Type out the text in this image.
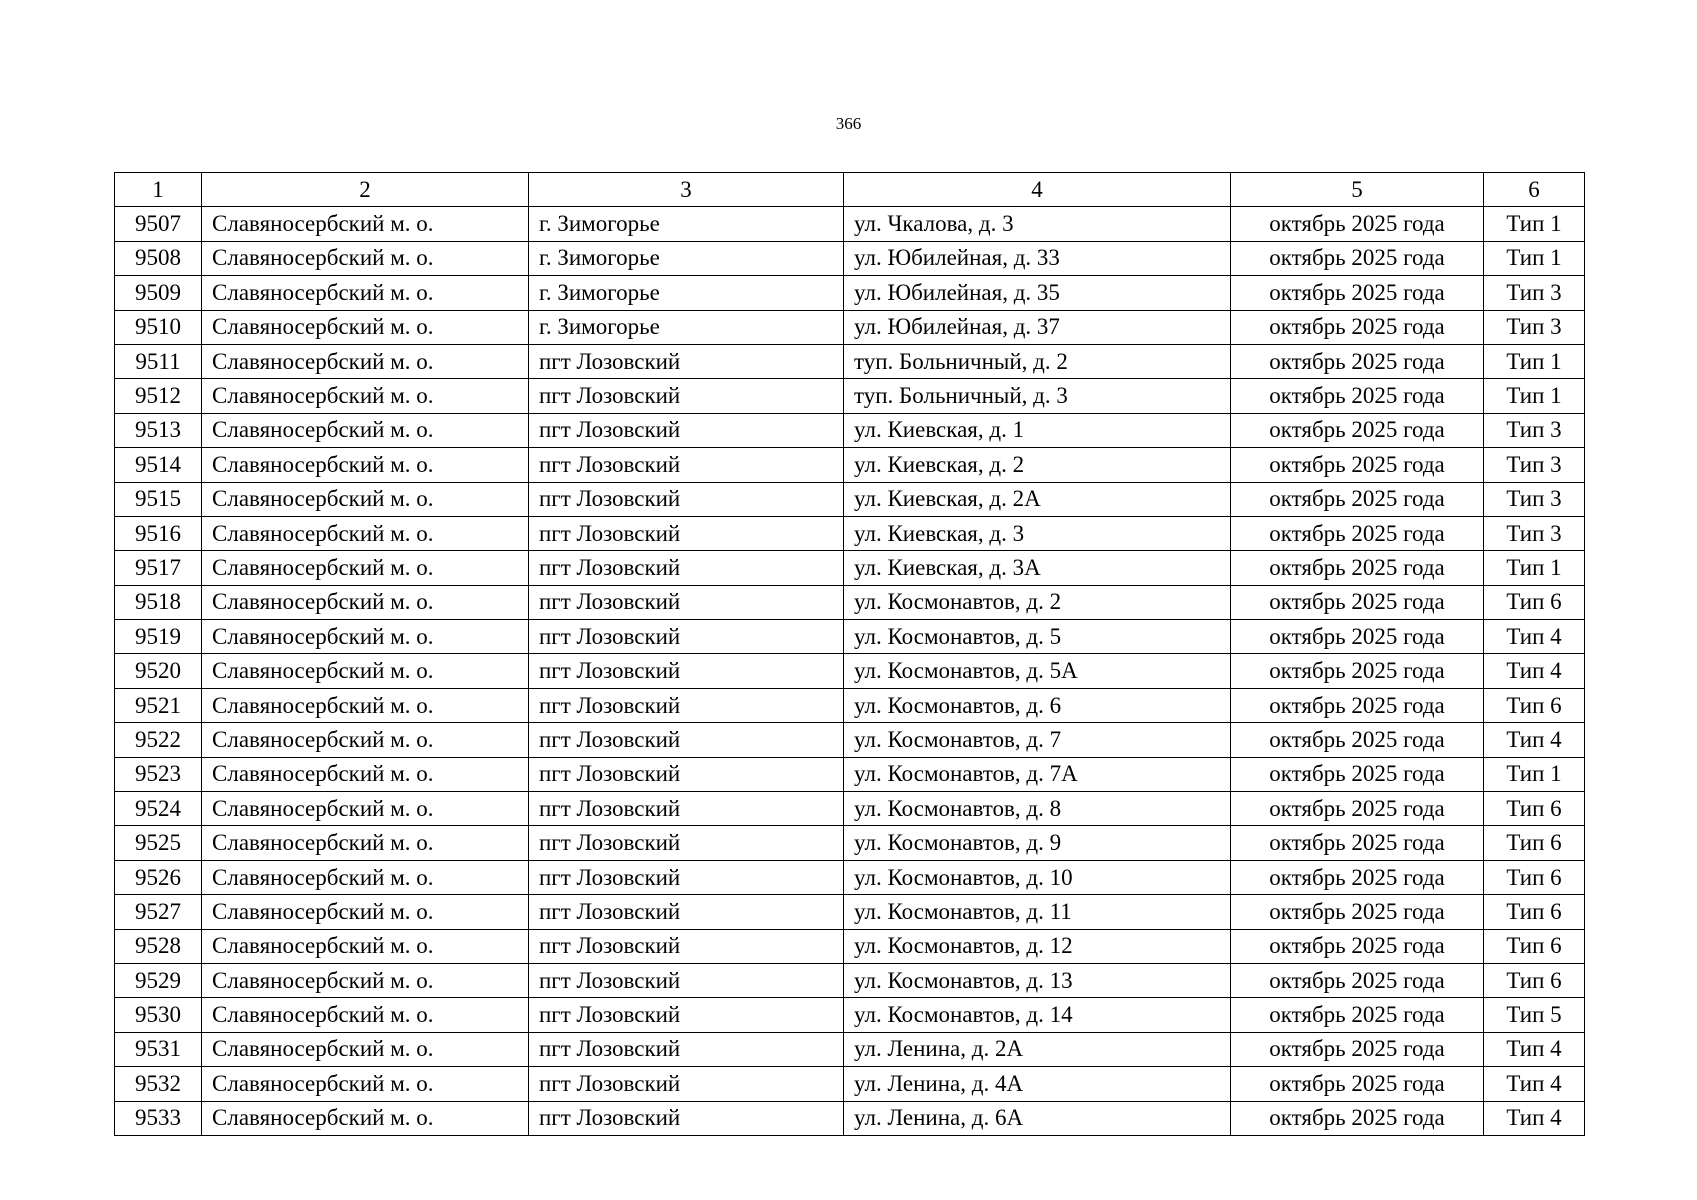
366
1	2	3	4	5	6
9507	Славяносербский м. о.	г. Зимогорье	ул. Чкалова, д. 3	октябрь 2025 года	Тип 1
9508	Славяносербский м. о.	г. Зимогорье	ул. Юбилейная, д. 33	октябрь 2025 года	Тип 1
9509	Славяносербский м. о.	г. Зимогорье	ул. Юбилейная, д. 35	октябрь 2025 года	Тип 3
9510	Славяносербский м. о.	г. Зимогорье	ул. Юбилейная, д. 37	октябрь 2025 года	Тип 3
9511	Славяносербский м. о.	пгт Лозовский	туп. Больничный, д. 2	октябрь 2025 года	Тип 1
9512	Славяносербский м. о.	пгт Лозовский	туп. Больничный, д. 3	октябрь 2025 года	Тип 1
9513	Славяносербский м. о.	пгт Лозовский	ул. Киевская, д. 1	октябрь 2025 года	Тип 3
9514	Славяносербский м. о.	пгт Лозовский	ул. Киевская, д. 2	октябрь 2025 года	Тип 3
9515	Славяносербский м. о.	пгт Лозовский	ул. Киевская, д. 2А	октябрь 2025 года	Тип 3
9516	Славяносербский м. о.	пгт Лозовский	ул. Киевская, д. 3	октябрь 2025 года	Тип 3
9517	Славяносербский м. о.	пгт Лозовский	ул. Киевская, д. 3А	октябрь 2025 года	Тип 1
9518	Славяносербский м. о.	пгт Лозовский	ул. Космонавтов, д. 2	октябрь 2025 года	Тип 6
9519	Славяносербский м. о.	пгт Лозовский	ул. Космонавтов, д. 5	октябрь 2025 года	Тип 4
9520	Славяносербский м. о.	пгт Лозовский	ул. Космонавтов, д. 5А	октябрь 2025 года	Тип 4
9521	Славяносербский м. о.	пгт Лозовский	ул. Космонавтов, д. 6	октябрь 2025 года	Тип 6
9522	Славяносербский м. о.	пгт Лозовский	ул. Космонавтов, д. 7	октябрь 2025 года	Тип 4
9523	Славяносербский м. о.	пгт Лозовский	ул. Космонавтов, д. 7А	октябрь 2025 года	Тип 1
9524	Славяносербский м. о.	пгт Лозовский	ул. Космонавтов, д. 8	октябрь 2025 года	Тип 6
9525	Славяносербский м. о.	пгт Лозовский	ул. Космонавтов, д. 9	октябрь 2025 года	Тип 6
9526	Славяносербский м. о.	пгт Лозовский	ул. Космонавтов, д. 10	октябрь 2025 года	Тип 6
9527	Славяносербский м. о.	пгт Лозовский	ул. Космонавтов, д. 11	октябрь 2025 года	Тип 6
9528	Славяносербский м. о.	пгт Лозовский	ул. Космонавтов, д. 12	октябрь 2025 года	Тип 6
9529	Славяносербский м. о.	пгт Лозовский	ул. Космонавтов, д. 13	октябрь 2025 года	Тип 6
9530	Славяносербский м. о.	пгт Лозовский	ул. Космонавтов, д. 14	октябрь 2025 года	Тип 5
9531	Славяносербский м. о.	пгт Лозовский	ул. Ленина, д. 2А	октябрь 2025 года	Тип 4
9532	Славяносербский м. о.	пгт Лозовский	ул. Ленина, д. 4А	октябрь 2025 года	Тип 4
9533	Славяносербский м. о.	пгт Лозовский	ул. Ленина, д. 6А	октябрь 2025 года	Тип 4
